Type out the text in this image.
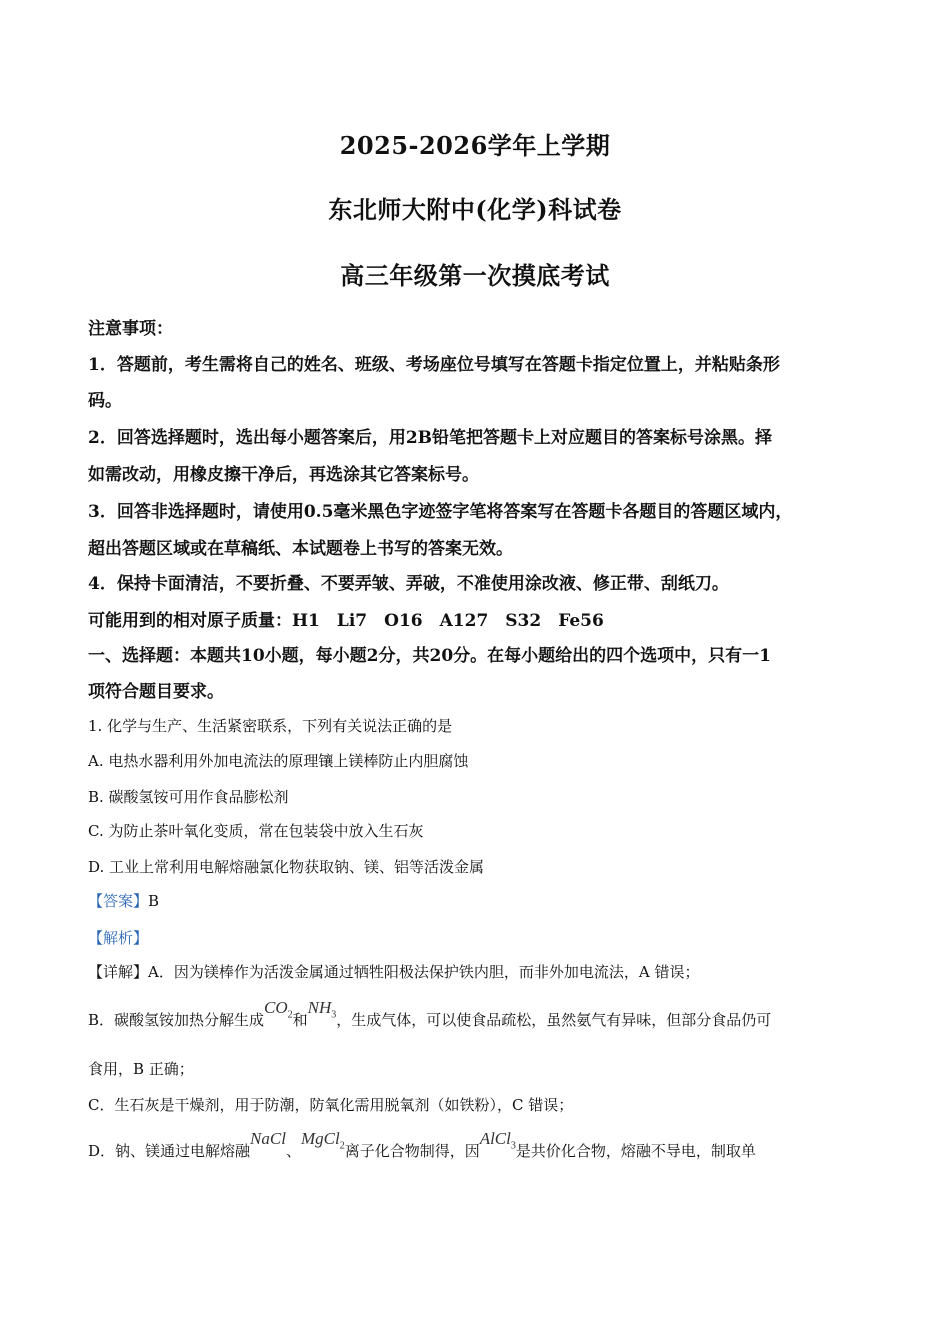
2025-2026学年上学期
东北师大附中(化学)科试卷
高三年级第一次摸底考试
注意事项：
1．答题前，考生需将自己的姓名、班级、考场座位号填写在答题卡指定位置上，并粘贴条形
码。
2．回答选择题时，选出每小题答案后，用2B铅笔把答题卡上对应题目的答案标号涂黑。择
如需改动，用橡皮擦干净后，再选涂其它答案标号。
3．回答非选择题时，请使用0.5毫米黑色字迹签字笔将答案写在答题卡各题目的答题区域内，
超出答题区域或在草稿纸、本试题卷上书写的答案无效。
4．保持卡面清洁，不要折叠、不要弄皱、弄破，不准使用涂改液、修正带、刮纸刀。
可能用到的相对原子质量：H1　Li7　O16　A127　S32　Fe56
一、选择题：本题共10小题，每小题2分，共20分。在每小题给出的四个选项中，只有一1
项符合题目要求。
1. 化学与生产、生活紧密联系，下列有关说法正确的是
A. 电热水器利用外加电流法的原理镶上镁棒防止内胆腐蚀
B. 碳酸氢铵可用作食品膨松剂
C. 为防止茶叶氧化变质，常在包装袋中放入生石灰
D. 工业上常利用电解熔融氯化物获取钠、镁、铝等活泼金属
【答案】B
【解析】
【详解】A．因为镁棒作为活泼金属通过牺牲阳极法保护铁内胆，而非外加电流法，A 错误；
B．碳酸氢铵加热分解生成$CO_2$和$NH_3$，生成气体，可以使食品疏松，虽然氨气有异味，但部分食品仍可
食用，B 正确；
C．生石灰是干燥剂，用于防潮，防氧化需用脱氧剂（如铁粉），C 错误；
D．钠、镁通过电解熔融NaCl、MgCl$_2$离子化合物制得，因AlCl$_3$是共价化合物，熔融不导电，制取单
